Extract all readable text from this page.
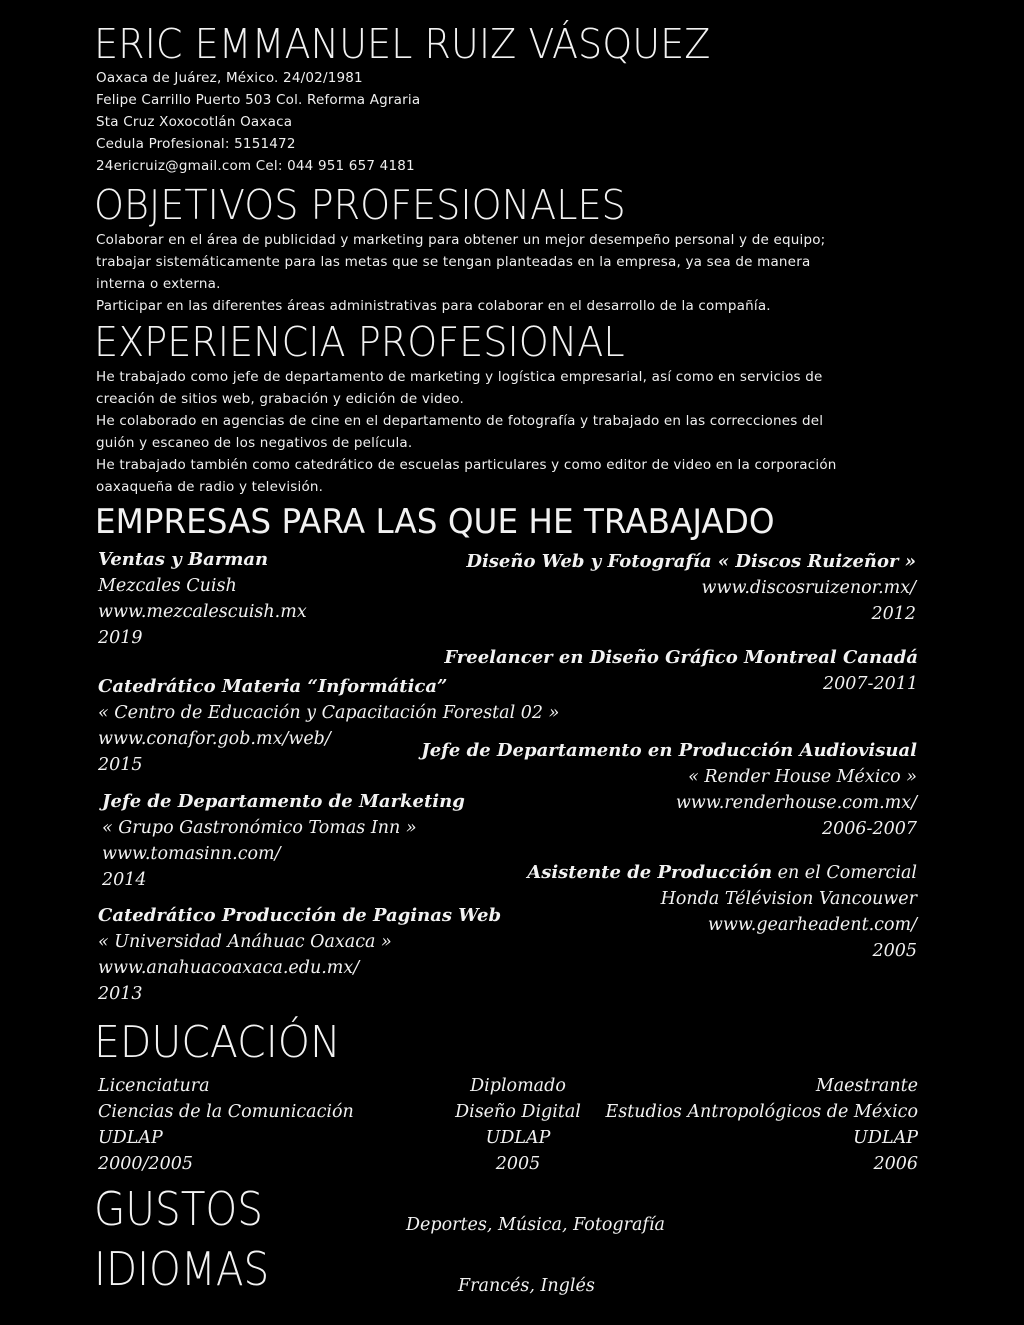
ERIC EMMANUEL RUIZ VÁSQUEZ
Oaxaca de Juárez, México. 24/02/1981
Felipe Carrillo Puerto 503 Col. Reforma Agraria
Sta Cruz Xoxocotlán Oaxaca
Cedula Profesional: 5151472
24ericruiz@gmail.com Cel: 044 951 657 4181
OBJETIVOS PROFESIONALES
Colaborar en el área de publicidad y marketing para obtener un mejor desempeño personal y de equipo;
trabajar sistemáticamente para las metas que se tengan planteadas en la empresa, ya sea de manera
interna o externa.
Participar en las diferentes áreas administrativas para colaborar en el desarrollo de la compañía.
EXPERIENCIA PROFESIONAL
He trabajado como jefe de departamento de marketing y logística empresarial, así como en servicios de
creación de sitios web, grabación y edición de video.
He colaborado en agencias de cine en el departamento de fotografía y trabajado en las correcciones del
guión y escaneo de los negativos de película.
He trabajado también como catedrático de escuelas particulares y como editor de video en la corporación
oaxaqueña de radio y televisión.
EMPRESAS PARA LAS QUE HE TRABAJADO
Ventas y Barman
Mezcales Cuish
www.mezcalescuish.mx
2019
Catedrático Materia “Informática”
« Centro de Educación y Capacitación Forestal 02 »
www.conafor.gob.mx/web/
2015
Jefe de Departamento de Marketing
« Grupo Gastronómico Tomas Inn »
www.tomasinn.com/
2014
Catedrático Producción de Paginas Web
« Universidad Anáhuac Oaxaca »
www.anahuacoaxaca.edu.mx/
2013
Diseño Web y Fotografía « Discos Ruizeñor »
www.discosruizenor.mx/
2012
Freelancer en Diseño Gráfico Montreal Canadá
2007-2011
Jefe de Departamento en Producción Audiovisual
« Render House México »
www.renderhouse.com.mx/
2006-2007
Asistente de Producción en el Comercial
Honda Télévision Vancouwer
www.gearheadent.com/
2005
EDUCACIÓN
Licenciatura
Ciencias de la Comunicación
UDLAP
2000/2005
Diplomado
Diseño Digital
UDLAP
2005
Maestrante
Estudios Antropológicos de México
UDLAP
2006
GUSTOS	Deportes, Música, Fotografía
IDIOMAS	Francés, Inglés
